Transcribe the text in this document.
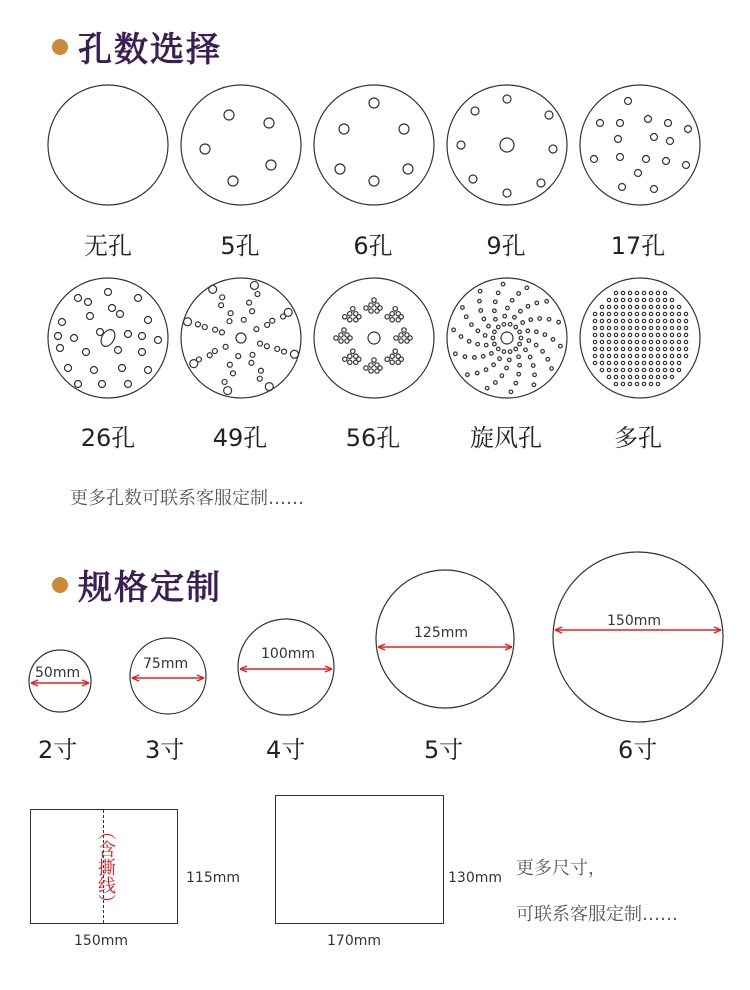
孔数选择
无孔	5孔	6孔	9孔	17孔
26孔	49孔	56孔	旋风孔	多孔
更多孔数可联系客服定制……
规格定制
50mm
75mm
100mm
125mm
150mm
2寸	3寸	4寸	5寸	6寸
（含撕线）	115mm
150mm
130mm
170mm
更多尺寸，
可联系客服定制……
